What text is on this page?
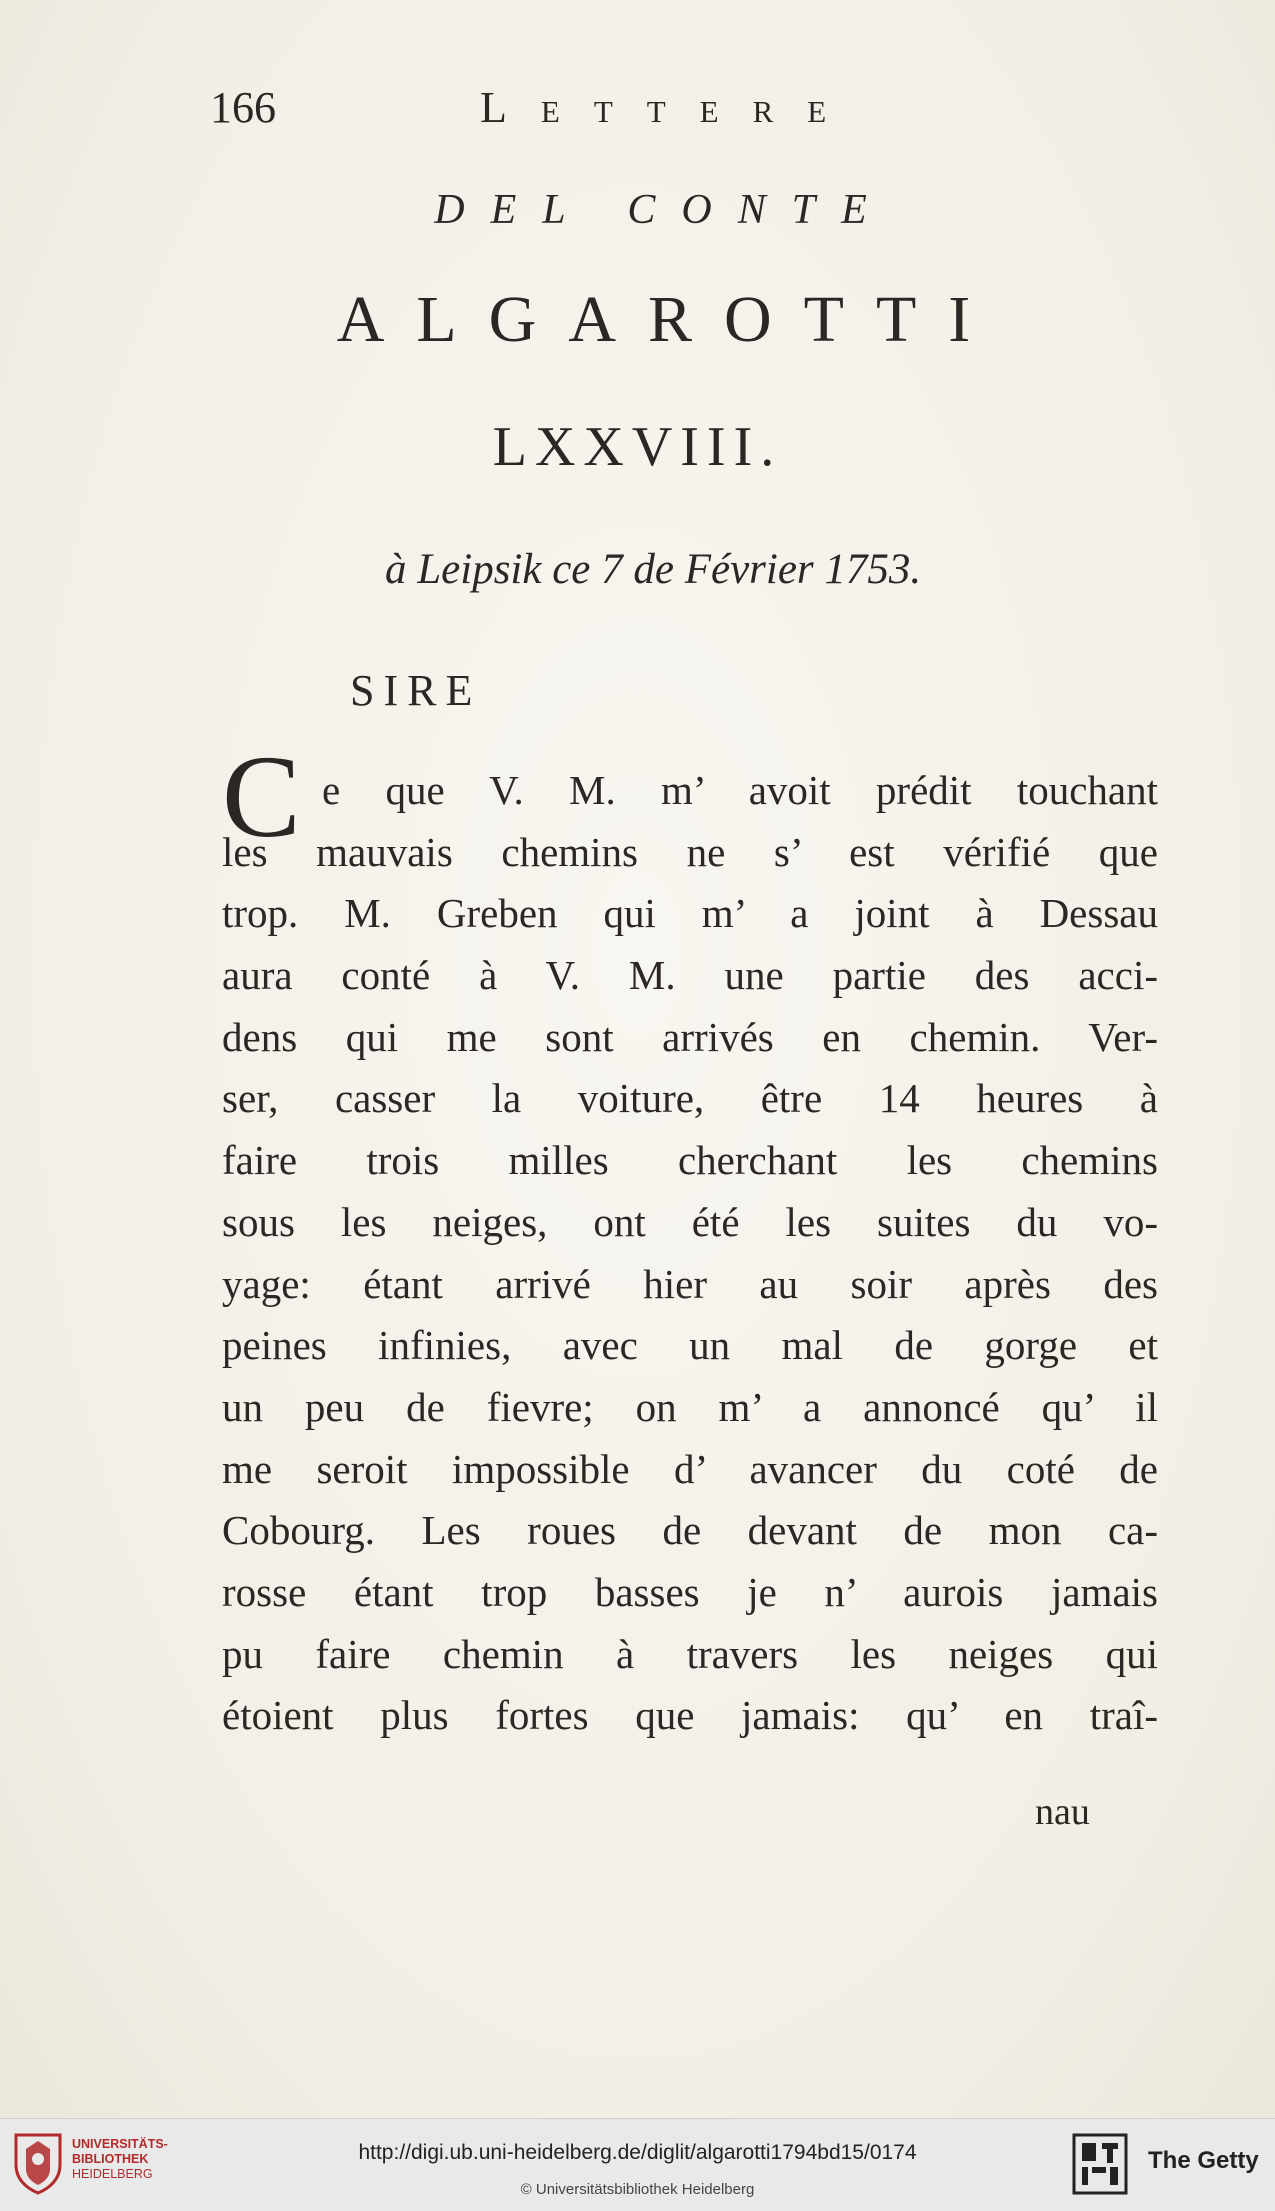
166	Lettere
DEL CONTE
ALGAROTTI
LXXVIII.
à Leipsik ce 7 de Février 1753.
SIRE
C e que V. M. m’ avoit prédit touchant
les mauvais chemins ne s’ est vérifié que
trop. M. Greben qui m’ a joint à Dessau
aura conté à V. M. une partie des acci-
dens qui me sont arrivés en chemin. Ver-
ser, casser la voiture, être 14 heures à
faire trois milles cherchant les chemins
sous les neiges, ont été les suites du vo-
yage: étant arrivé hier au soir après des
peines infinies, avec un mal de gorge et
un peu de fievre; on m’ a annoncé qu’ il
me seroit impossible d’ avancer du coté de
Cobourg. Les roues de devant de mon ca-
rosse étant trop basses je n’ aurois jamais
pu faire chemin à travers les neiges qui
étoient plus fortes que jamais: qu’ en traî-
nau
UNIVERSITÄTS-
BIBLIOTHEK
HEIDELBERG
http://digi.ub.uni-heidelberg.de/diglit/algarotti1794bd15/0174
© Universitätsbibliothek Heidelberg
The Getty
